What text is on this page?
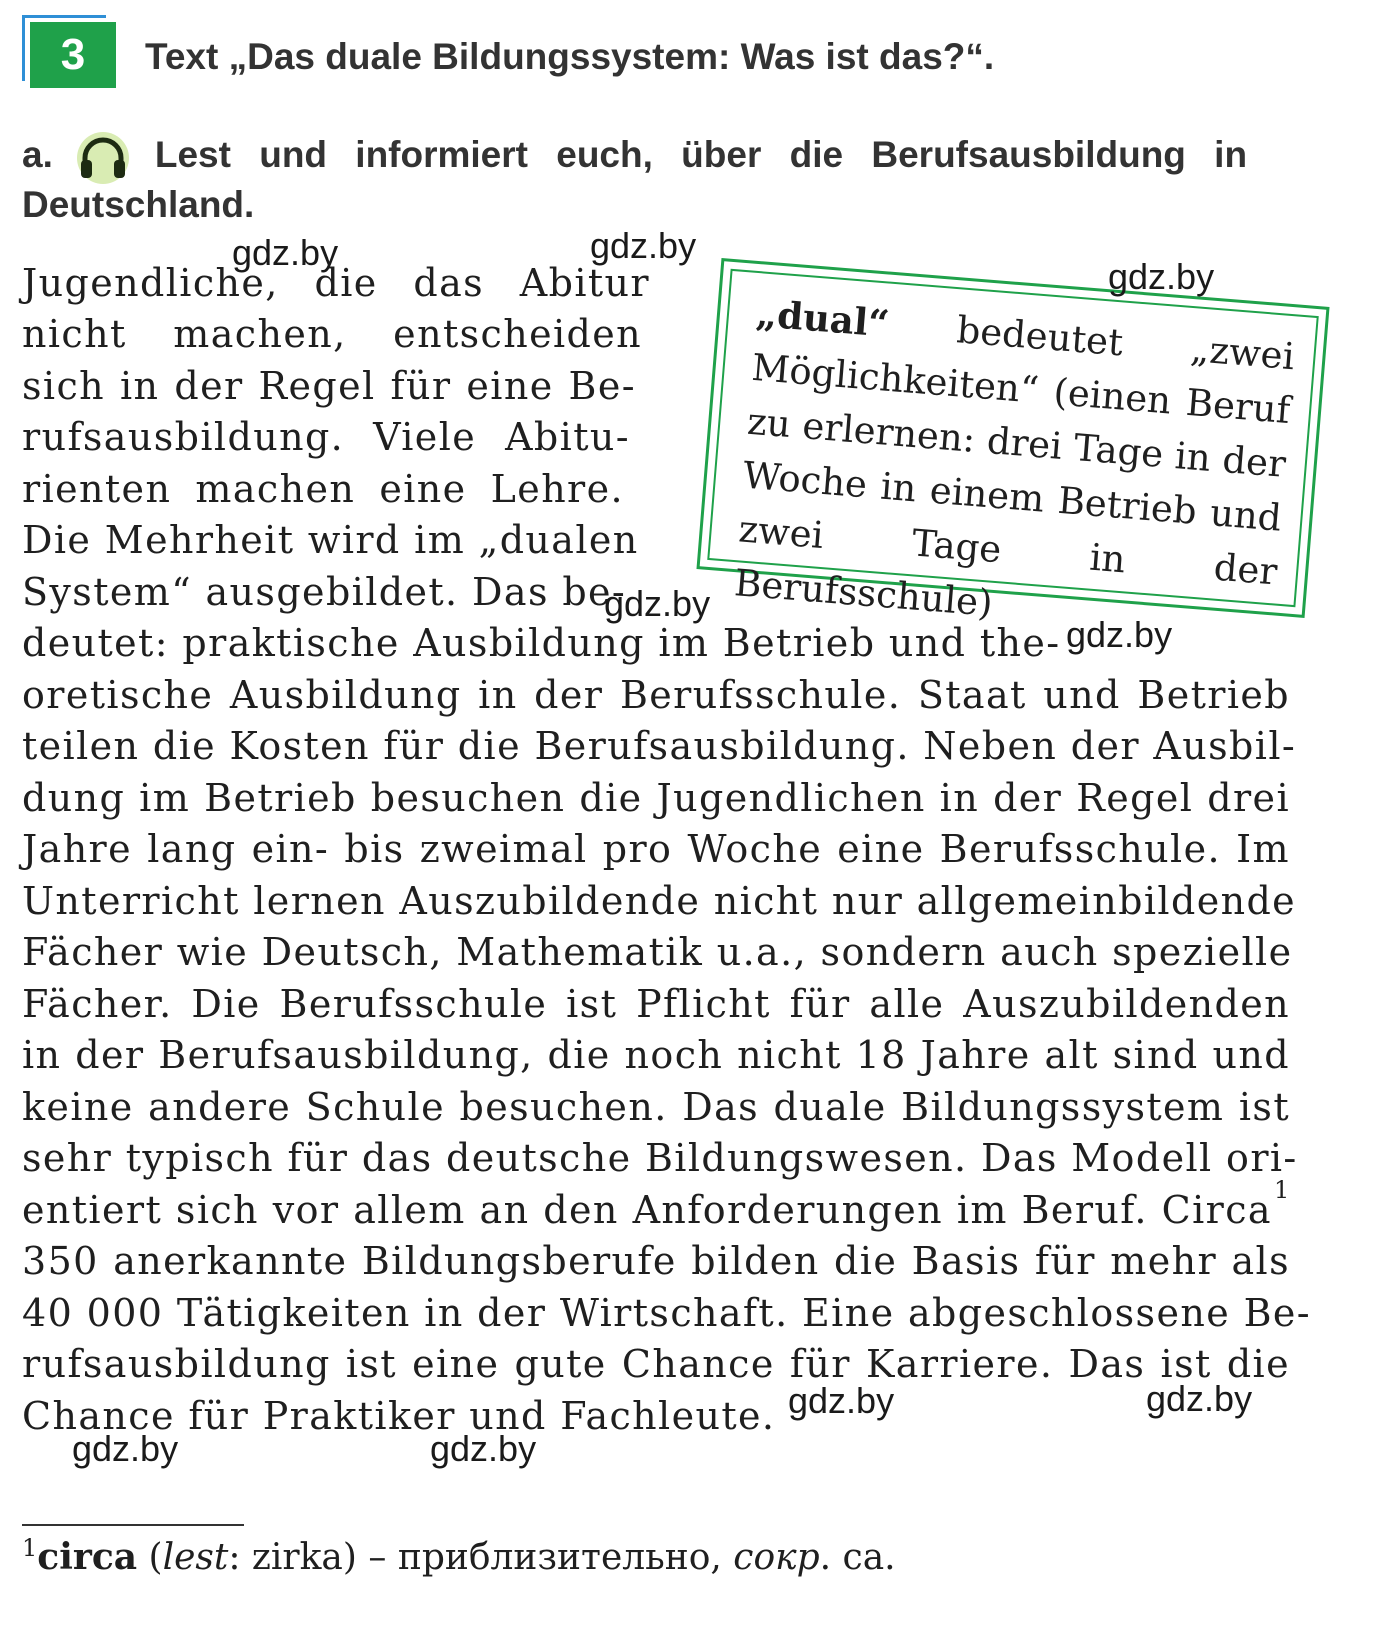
3	Text „Das duale Bildungssystem: Was ist das?“.
a.	Lest und informiert euch, über die Berufsausbildung in
Deutschland.
„dual“ bedeutet „zwei Möglichkeiten“ (einen Beruf zu erlernen: drei Tage in der Woche in einem Betrieb und zwei Tage in der Berufsschule)
Jugendliche, die das Abitur
nicht machen, entscheiden
sich in der Regel für eine Be-
rufsausbildung. Viele Abitu-
rienten machen eine Lehre.
Die Mehrheit wird im „dualen
System“ ausgebildet. Das be-
deutet: praktische Ausbildung im Betrieb und the-
oretische Ausbildung in der Berufsschule. Staat und Betrieb
teilen die Kosten für die Berufsausbildung. Neben der Ausbil-
dung im Betrieb besuchen die Jugendlichen in der Regel drei
Jahre lang ein- bis zweimal pro Woche eine Berufsschule. Im
Unterricht lernen Auszubildende nicht nur allgemeinbildende
Fächer wie Deutsch, Mathematik u.a., sondern auch spezielle
Fächer. Die Berufsschule ist Pflicht für alle Auszubildenden
in der Berufsausbildung, die noch nicht 18 Jahre alt sind und
keine andere Schule besuchen. Das duale Bildungssystem ist
sehr typisch für das deutsche Bildungswesen. Das Modell ori-
entiert sich vor allem an den Anforderungen im Beruf. Circa 1
350 anerkannte Bildungsberufe bilden die Basis für mehr als
40 000 Tätigkeiten in der Wirtschaft. Eine abgeschlossene Be-
rufsausbildung ist eine gute Chance für Karriere. Das ist die
Chance für Praktiker und Fachleute.
gdz.by	gdz.by
gdz.by
gdz.by
gdz.by
gdz.by	gdz.by
gdz.by	gdz.by
$^1$circa (lest: zirka) – приблизительно, сокр. са.
